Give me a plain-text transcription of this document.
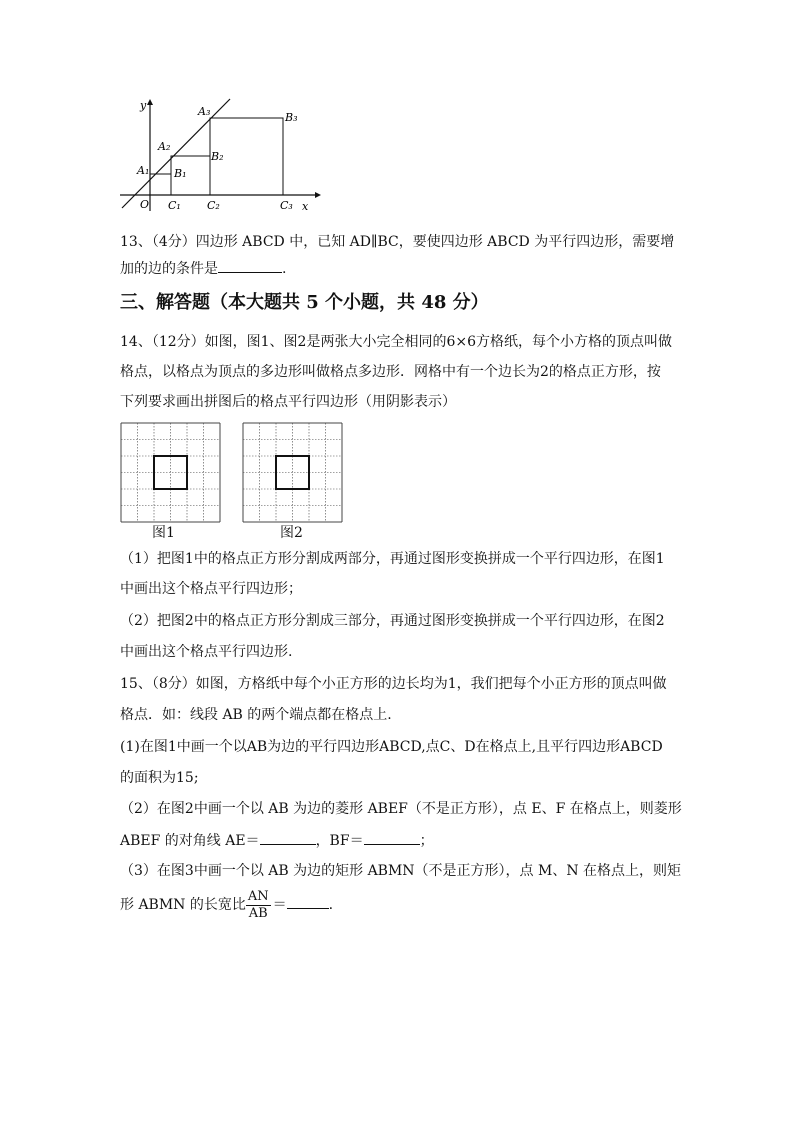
y
x
O
A₁
A₂
A₃
B₁
B₂
B₃
C₁ C₂	C₃
13、（4分）四边形 ABCD 中，已知 AD∥BC，要使四边形 ABCD 为平行四边形，需要增
加的边的条件是	.
三、解答题（本大题共 5 个小题，共 48 分）
14、（12分）如图，图1、图2是两张大小完全相同的6×6方格纸，每个小方格的顶点叫做
格点，以格点为顶点的多边形叫做格点多边形．网格中有一个边长为2的格点正方形，按
下列要求画出拼图后的格点平行四边形（用阴影表示）
图1	图2
（1）把图1中的格点正方形分割成两部分，再通过图形变换拼成一个平行四边形，在图1
中画出这个格点平行四边形；
（2）把图2中的格点正方形分割成三部分，再通过图形变换拼成一个平行四边形，在图2
中画出这个格点平行四边形.
15、（8分）如图，方格纸中每个小正方形的边长均为1，我们把每个小正方形的顶点叫做
格点．如：线段 AB 的两个端点都在格点上.
(1)在图1中画一个以AB为边的平行四边形ABCD,点C、D在格点上,且平行四边形ABCD
的面积为15;
（2）在图2中画一个以 AB 为边的菱形 ABEF（不是正方形），点 E、F 在格点上，则菱形
ABEF 的对角线 AE＝	，BF＝	；
（3）在图3中画一个以 AB 为边的矩形 ABMN（不是正方形），点 M、N 在格点上，则矩
形 ABMN 的长宽比 $\frac{AN}{AB}$ ＝	.
